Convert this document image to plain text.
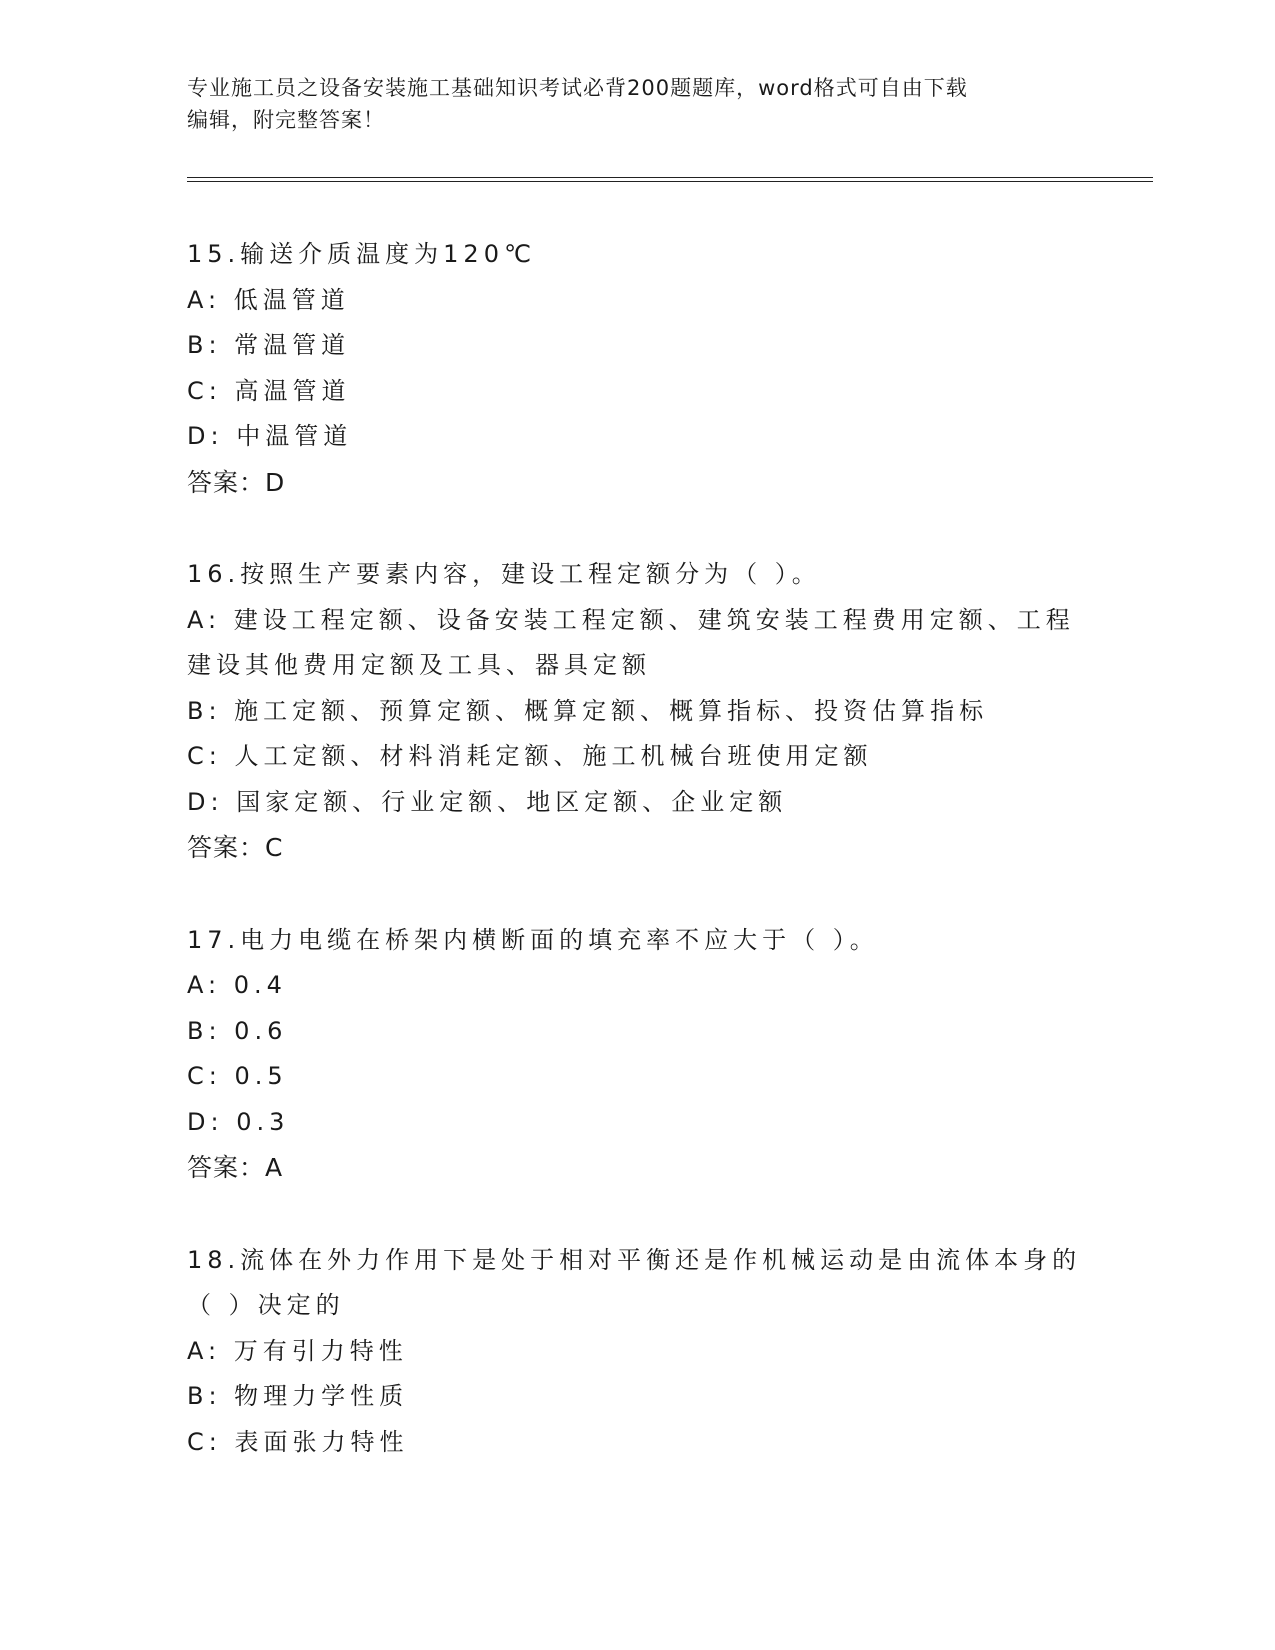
专业施工员之设备安装施工基础知识考试必背200题题库，word格式可自由下载
编辑，附完整答案！
15.输送介质温度为120℃
A: 低温管道
B: 常温管道
C: 高温管道
D: 中温管道
答案：D
16.按照生产要素内容，建设工程定额分为（ ）。
A: 建设工程定额、设备安装工程定额、建筑安装工程费用定额、工程建设其他费用定额及工具、器具定额
B: 施工定额、预算定额、概算定额、概算指标、投资估算指标
C: 人工定额、材料消耗定额、施工机械台班使用定额
D: 国家定额、行业定额、地区定额、企业定额
答案：C
17.电力电缆在桥架内横断面的填充率不应大于（ ）。
A: 0.4
B: 0.6
C: 0.5
D: 0.3
答案：A
18.流体在外力作用下是处于相对平衡还是作机械运动是由流体本身的（ ）决定的
A: 万有引力特性
B: 物理力学性质
C: 表面张力特性
